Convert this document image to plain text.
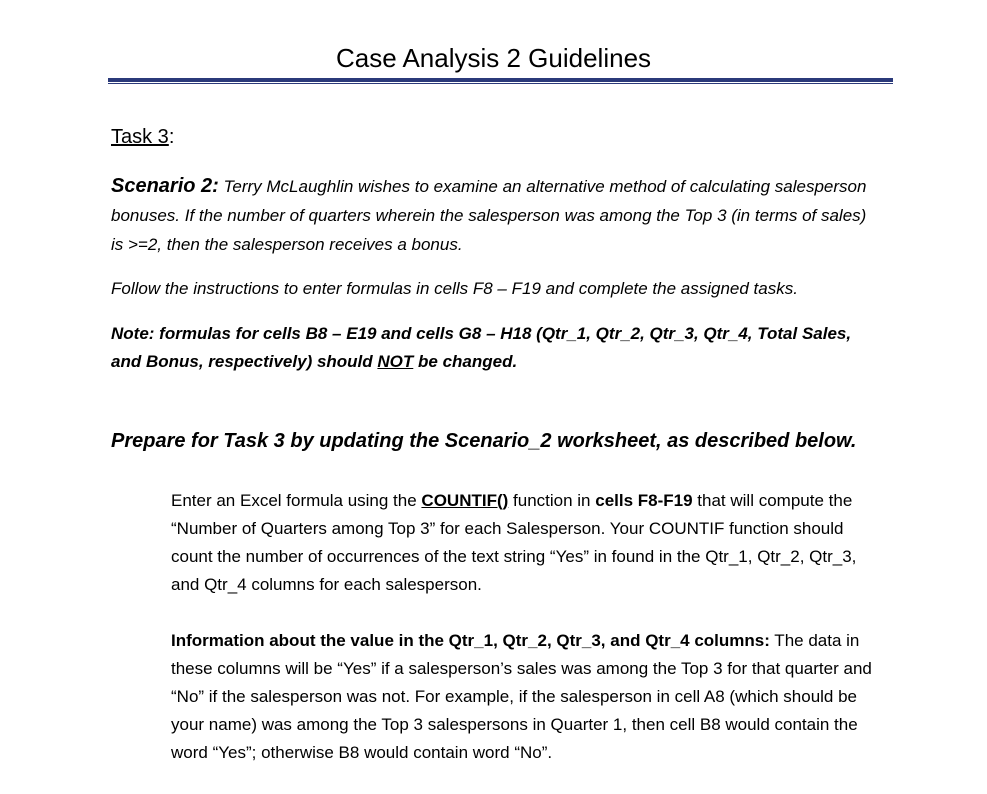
Case Analysis 2 Guidelines
Task 3:

Scenario 2: Terry McLaughlin wishes to examine an alternative method of calculating salesperson bonuses. If the number of quarters wherein the salesperson was among the Top 3 (in terms of sales) is >=2, then the salesperson receives a bonus.

Follow the instructions to enter formulas in cells F8 – F19 and complete the assigned tasks.

Note: formulas for cells B8 – E19 and cells G8 – H18 (Qtr_1, Qtr_2, Qtr_3, Qtr_4, Total Sales, and Bonus, respectively) should NOT be changed.

Prepare for Task 3 by updating the Scenario_2 worksheet, as described below.

Enter an Excel formula using the COUNTIF() function in cells F8-F19 that will compute the “Number of Quarters among Top 3” for each Salesperson. Your COUNTIF function should count the number of occurrences of the text string “Yes” in found in the Qtr_1, Qtr_2, Qtr_3, and Qtr_4 columns for each salesperson.

Information about the value in the Qtr_1, Qtr_2, Qtr_3, and Qtr_4 columns: The data in these columns will be “Yes” if a salesperson’s sales was among the Top 3 for that quarter and “No” if the salesperson was not. For example, if the salesperson in cell A8 (which should be your name) was among the Top 3 salespersons in Quarter 1, then cell B8 would contain the word “Yes”; otherwise B8 would contain word “No”.
